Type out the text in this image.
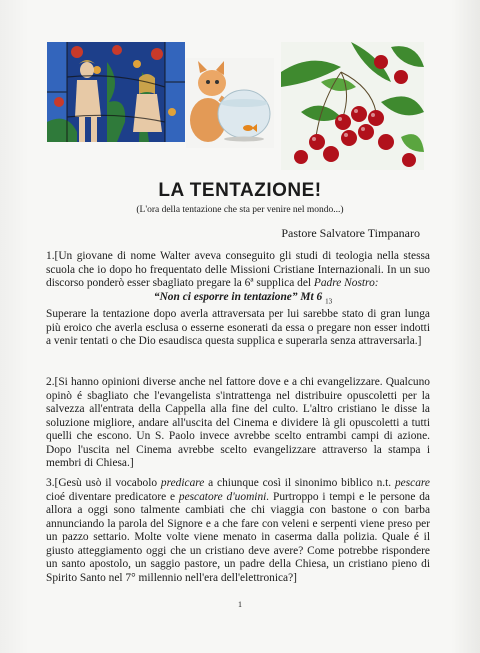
LA TENTAZIONE!
(L'ora della tentazione che sta per venire nel mondo...)
Pastore Salvatore Timpanaro

1.[Un giovane di nome Walter aveva conseguito gli studi di teologia nella stessa scuola che io dopo ho frequentato delle Missioni Cristiane Internazionali. In un suo discorso ponderò esser sbagliato pregare la 6ª supplica del Padre Nostro:
“Non ci esporre in tentazione” Mt 6 $_{13}$
Superare la tentazione dopo averla attraversata per lui sarebbe stato di gran lunga più eroico che averla esclusa o esserne esonerati da essa o pregare non esser indotti a venir tentati o che Dio esaudisca questa supplica e superarla senza attraversarla.]

2.[Si hanno opinioni diverse anche nel fattore dove e a chi evangelizzare. Qualcuno opinò é sbagliato che l'evangelista s'intrattenga nel distribuire opuscoletti per la salvezza all'entrata della Cappella alla fine del culto. L'altro cristiano le disse la soluzione migliore, andare all'uscita del Cinema e dividere là gli opuscoletti a tutti quelli che escono. Un S. Paolo invece avrebbe scelto entrambi campi di azione. Dopo l'uscita nel Cinema avrebbe scelto evangelizzare attraverso la stampa i membri di Chiesa.]

3.[Gesù usò il vocabolo predicare a chiunque così il sinonimo biblico n.t. pescare cioé diventare predicatore e pescatore d'uomini. Purtroppo i tempi e le persone da allora a oggi sono talmente cambiati che chi viaggia con bastone o con barba annunciando la parola del Signore e a che fare con veleni e serpenti viene preso per un pazzo settario. Molte volte viene menato in caserma dalla polizia. Quale é il giusto atteggiamento oggi che un cristiano deve avere? Come potrebbe rispondere un santo apostolo, un saggio pastore, un padre della Chiesa, un cristiano pieno di Spirito Santo nel 7° millennio nell'era dell'elettronica?]

1
